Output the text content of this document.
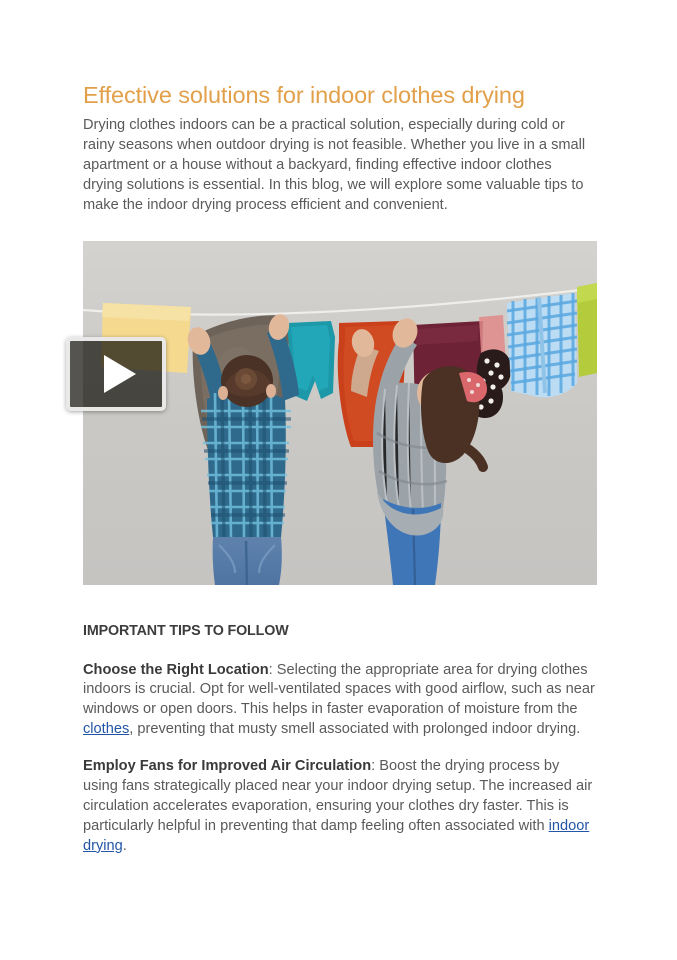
Effective solutions for indoor clothes drying

Drying clothes indoors can be a practical solution, especially during cold or rainy seasons when outdoor drying is not feasible. Whether you live in a small apartment or a house without a backyard, finding effective indoor clothes drying solutions is essential. In this blog, we will explore some valuable tips to make the indoor drying process efficient and convenient.

IMPORTANT TIPS TO FOLLOW

Choose the Right Location: Selecting the appropriate area for drying clothes indoors is crucial. Opt for well-ventilated spaces with good airflow, such as near windows or open doors. This helps in faster evaporation of moisture from the clothes, preventing that musty smell associated with prolonged indoor drying.

Employ Fans for Improved Air Circulation: Boost the drying process by using fans strategically placed near your indoor drying setup. The increased air circulation accelerates evaporation, ensuring your clothes dry faster. This is particularly helpful in preventing that damp feeling often associated with indoor drying.
